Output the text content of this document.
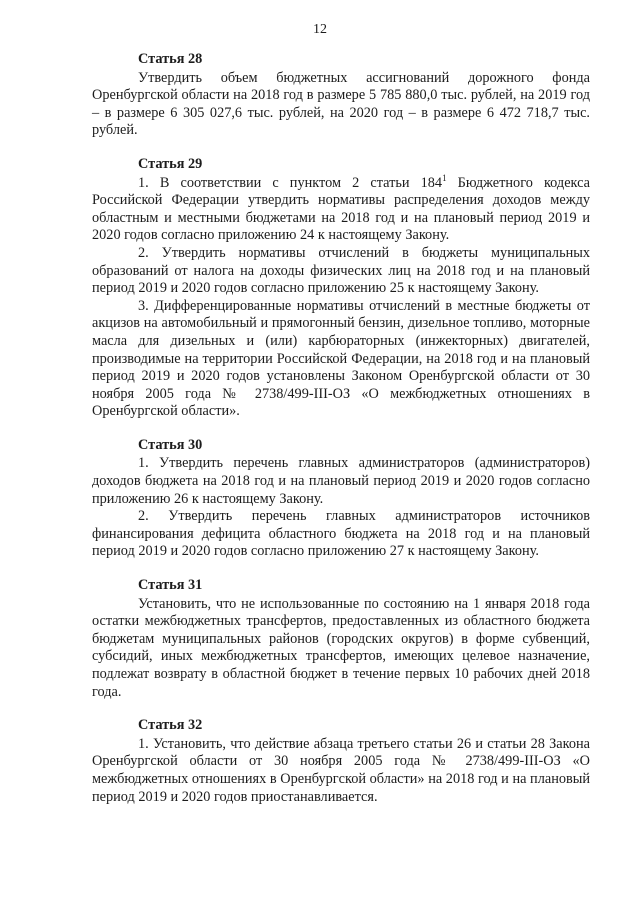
12
Статья 28

Утвердить объем бюджетных ассигнований дорожного фонда Оренбургской области на 2018 год в размере 5 785 880,0 тыс. рублей, на 2019 год – в размере 6 305 027,6 тыс. рублей, на 2020 год – в размере 6 472 718,7 тыс. рублей.

Статья 29

1. В соответствии с пунктом 2 статьи $184^1$ Бюджетного кодекса Российской Федерации утвердить нормативы распределения доходов между областным и местными бюджетами на 2018 год и на плановый период 2019 и 2020 годов согласно приложению 24 к настоящему Закону.

2. Утвердить нормативы отчислений в бюджеты муниципальных образований от налога на доходы физических лиц на 2018 год и на плановый период 2019 и 2020 годов согласно приложению 25 к настоящему Закону.

3. Дифференцированные нормативы отчислений в местные бюджеты от акцизов на автомобильный и прямогонный бензин, дизельное топливо, моторные масла для дизельных и (или) карбюраторных (инжекторных) двигателей, производимые на территории Российской Федерации, на 2018 год и на плановый период 2019 и 2020 годов установлены Законом Оренбургской области от 30 ноября 2005 года № 2738/499-III-ОЗ «О межбюджетных отношениях в Оренбургской области».

Статья 30

1. Утвердить перечень главных администраторов (администраторов) доходов бюджета на 2018 год и на плановый период 2019 и 2020 годов согласно приложению 26 к настоящему Закону.

2. Утвердить перечень главных администраторов источников финансирования дефицита областного бюджета на 2018 год и на плановый период 2019 и 2020 годов согласно приложению 27 к настоящему Закону.

Статья 31

Установить, что не использованные по состоянию на 1 января 2018 года остатки межбюджетных трансфертов, предоставленных из областного бюджета бюджетам муниципальных районов (городских округов) в форме субвенций, субсидий, иных межбюджетных трансфертов, имеющих целевое назначение, подлежат возврату в областной бюджет в течение первых 10 рабочих дней 2018 года.

Статья 32

1. Установить, что действие абзаца третьего статьи 26 и статьи 28 Закона Оренбургской области от 30 ноября 2005 года № 2738/499-III-ОЗ «О межбюджетных отношениях в Оренбургской области» на 2018 год и на плановый период 2019 и 2020 годов приостанавливается.
